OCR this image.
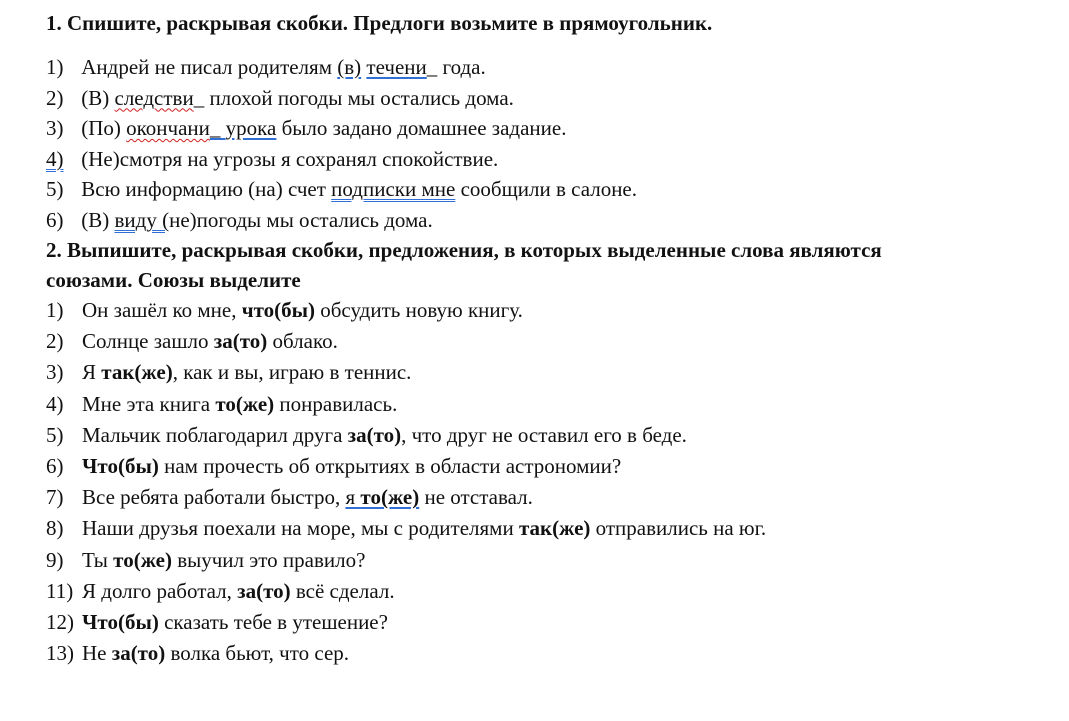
1. Спишите, раскрывая скобки. Предлоги возьмите в прямоугольник.

1) Андрей не писал родителям (в) течени_ года.
2) (В) следстви_ плохой погоды мы остались дома.
3) (По) окончани_ урока было задано домашнее задание.
4) (Не)смотря на угрозы я сохранял спокойствие.
5) Всю информацию (на) счет подписки мне сообщили в салоне.
6) (В) виду (не)погоды мы остались дома.

2. Выпишите, раскрывая скобки, предложения, в которых выделенные слова являются
союзами. Союзы выделите

1) Он зашёл ко мне, что(бы) обсудить новую книгу.
2) Солнце зашло за(то) облако.
3) Я так(же), как и вы, играю в теннис.
4) Мне эта книга то(же) понравилась.
5) Мальчик поблагодарил друга за(то), что друг не оставил его в беде.
6) Что(бы) нам прочесть об открытиях в области астрономии?
7) Все ребята работали быстро, я то(же) не отставал.
8) Наши друзья поехали на море, мы с родителями так(же) отправились на юг.
9) Ты то(же) выучил это правило?
11) Я долго работал, за(то) всё сделал.
12) Что(бы) сказать тебе в утешение?
13) Не за(то) волка бьют, что сер.
